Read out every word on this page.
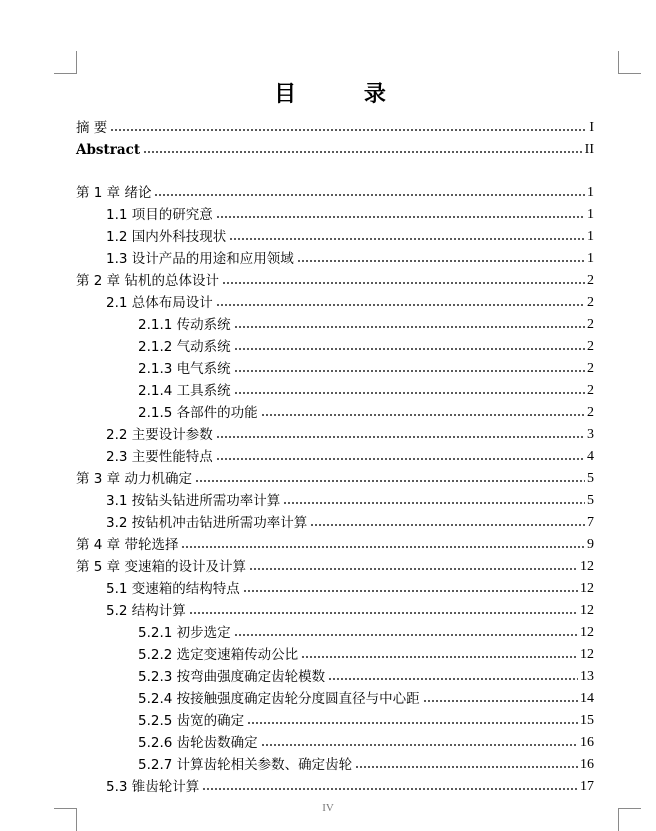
目 录
摘 要	I
Abstract	II
第 1 章 绪论	1
1.1 项目的研究意	1
1.2 国内外科技现状	1
1.3 设计产品的用途和应用领域	1
第 2 章 钻机的总体设计	2
2.1 总体布局设计	2
2.1.1 传动系统	2
2.1.2 气动系统	2
2.1.3 电气系统	2
2.1.4 工具系统	2
2.1.5 各部件的功能	2
2.2 主要设计参数	3
2.3 主要性能特点	4
第 3 章 动力机确定	5
3.1 按钻头钻进所需功率计算	5
3.2 按钻机冲击钻进所需功率计算	7
第 4 章 带轮选择	9
第 5 章 变速箱的设计及计算	12
5.1 变速箱的结构特点	12
5.2 结构计算	12
5.2.1 初步选定	12
5.2.2 选定变速箱传动公比	12
5.2.3 按弯曲强度确定齿轮模数	13
5.2.4 按接触强度确定齿轮分度圆直径与中心距	14
5.2.5 齿宽的确定	15
5.2.6 齿轮齿数确定	16
5.2.7 计算齿轮相关参数、确定齿轮	16
5.3 锥齿轮计算	17
IV
